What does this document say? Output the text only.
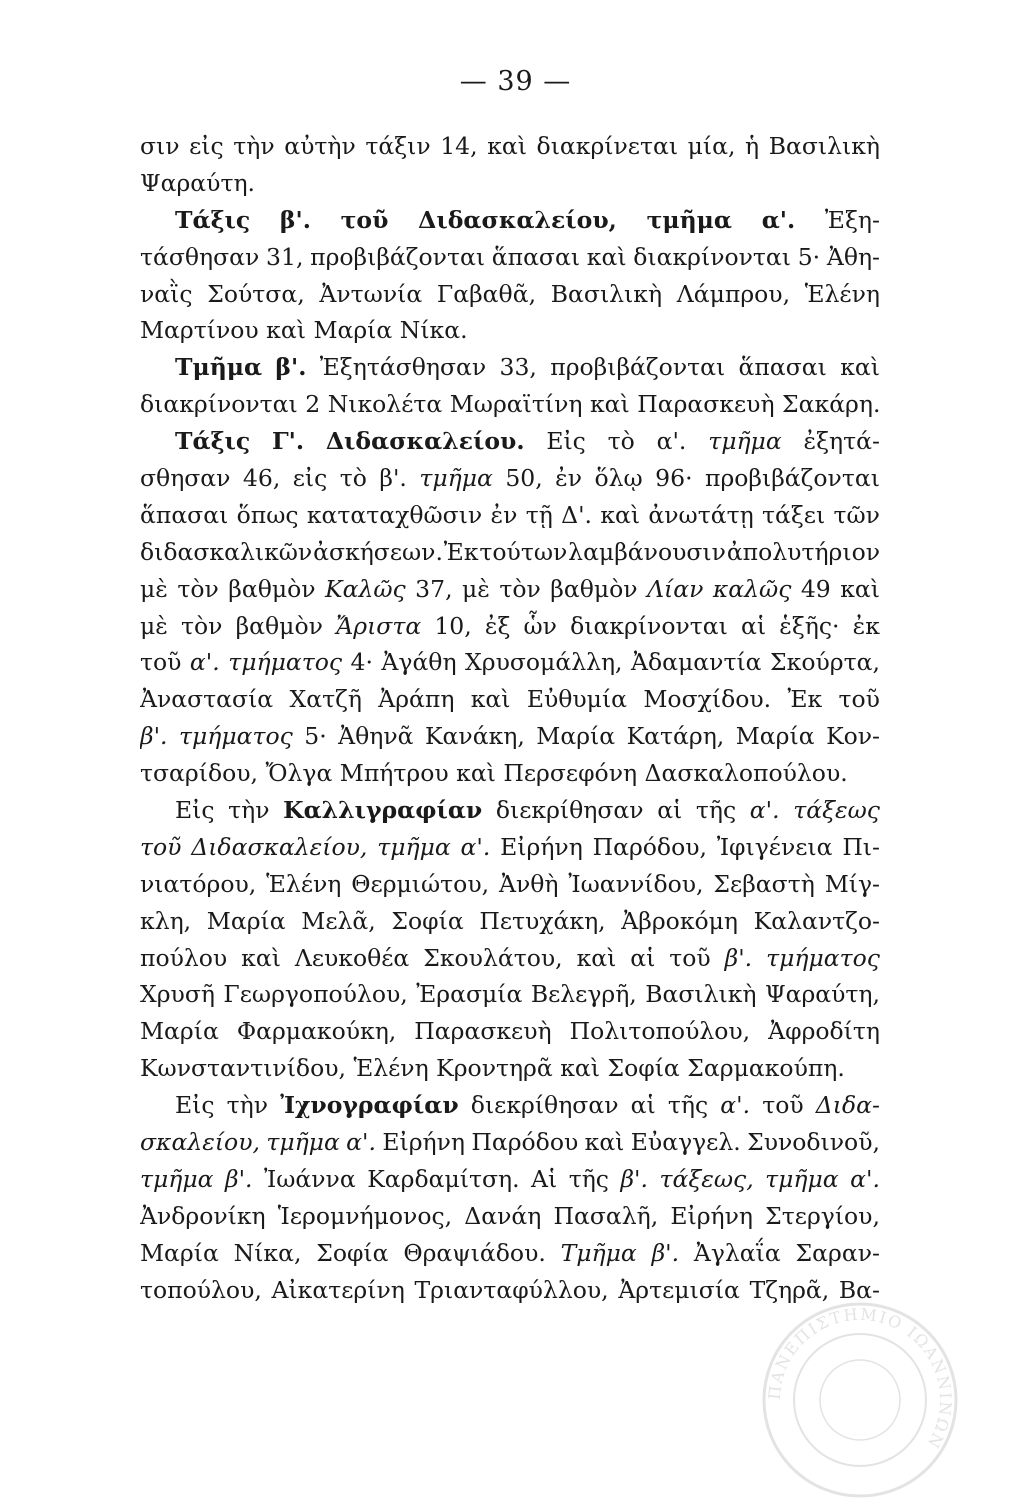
— 39 —
σιν εἰς τὴν αὐτὴν τάξιν 14, καὶ διακρίνεται μία, ἡ Βασιλικὴ
Ψαραύτη.
Τάξις β'. τοῦ Διδασκαλείου, τμῆμα α'. Ἐξη-
τάσθησαν 31, προβιβάζονται ἅπασαι καὶ διακρίνονται 5· Ἀθη-
ναῒς Σούτσα, Ἀντωνία Γαβαθᾶ, Βασιλικὴ Λάμπρου, Ἑλένη
Μαρτίνου καὶ Μαρία Νίκα.
Τμῆμα β'. Ἐξητάσθησαν 33, προβιβάζονται ἅπασαι καὶ
διακρίνονται 2 Νικολέτα Μωραϊτίνη καὶ Παρασκευὴ Σακάρη.
Τάξις Γ'. Διδασκαλείου. Εἰς τὸ α'. τμῆμα ἐξητά-
σθησαν 46, εἰς τὸ β'. τμῆμα 50, ἐν ὅλῳ 96· προβιβάζονται
ἅπασαι ὅπως καταταχθῶσιν ἐν τῇ Δ'. καὶ ἀνωτάτῃ τάξει τῶν
διδασκαλικῶν ἀσκήσεων. Ἐκ τούτων λαμβάνουσιν ἀπολυτήριον
μὲ τὸν βαθμὸν Καλῶς 37, μὲ τὸν βαθμὸν Λίαν καλῶς 49 καὶ
μὲ τὸν βαθμὸν Ἄριστα 10, ἐξ ὧν διακρίνονται αἱ ἑξῆς· ἐκ
τοῦ α'. τμήματος 4· Ἀγάθη Χρυσομάλλη, Ἀδαμαντία Σκούρτα,
Ἀναστασία Χατζῆ Ἀράπη καὶ Εὐθυμία Μοσχίδου. Ἐκ τοῦ
β'. τμήματος 5· Ἀθηνᾶ Κανάκη, Μαρία Κατάρη, Μαρία Κον-
τσαρίδου, Ὄλγα Μπήτρου καὶ Περσεφόνη Δασκαλοπούλου.
Εἰς τὴν Καλλιγραφίαν διεκρίθησαν αἱ τῆς α'. τάξεως
τοῦ Διδασκαλείου, τμῆμα α'. Εἰρήνη Παρόδου, Ἰφιγένεια Πι-
νιατόρου, Ἑλένη Θερμιώτου, Ἀνθὴ Ἰωαννίδου, Σεβαστὴ Μίγ-
κλη, Μαρία Μελᾶ, Σοφία Πετυχάκη, Ἀβροκόμη Καλαντζο-
πούλου καὶ Λευκοθέα Σκουλάτου, καὶ αἱ τοῦ β'. τμήματος
Χρυσῆ Γεωργοπούλου, Ἐρασμία Βελεγρῆ, Βασιλικὴ Ψαραύτη,
Μαρία Φαρμακούκη, Παρασκευὴ Πολιτοπούλου, Ἀφροδίτη
Κωνσταντινίδου, Ἑλένη Κροντηρᾶ καὶ Σοφία Σαρμακούπη.
Εἰς τὴν Ἰχνογραφίαν διεκρίθησαν αἱ τῆς α'. τοῦ Διδα-
σκαλείου, τμῆμα α'. Εἰρήνη Παρόδου καὶ Εὐαγγελ. Συνοδινοῦ,
τμῆμα β'. Ἰωάννα Καρδαμίτση. Αἱ τῆς β'. τάξεως, τμῆμα α'.
Ἀνδρονίκη Ἱερομνήμονος, Δανάη Πασαλῆ, Εἰρήνη Στεργίου,
Μαρία Νίκα, Σοφία Θραψιάδου. Τμῆμα β'. Ἀγλαΐα Σαραν-
τοπούλου, Αἰκατερίνη Τριανταφύλλου, Ἀρτεμισία Τζηρᾶ, Βα-
ΠΑΝΕΠΙΣΤΗΜΙΟ ΙΩΑΝΝΙΝΩΝ
